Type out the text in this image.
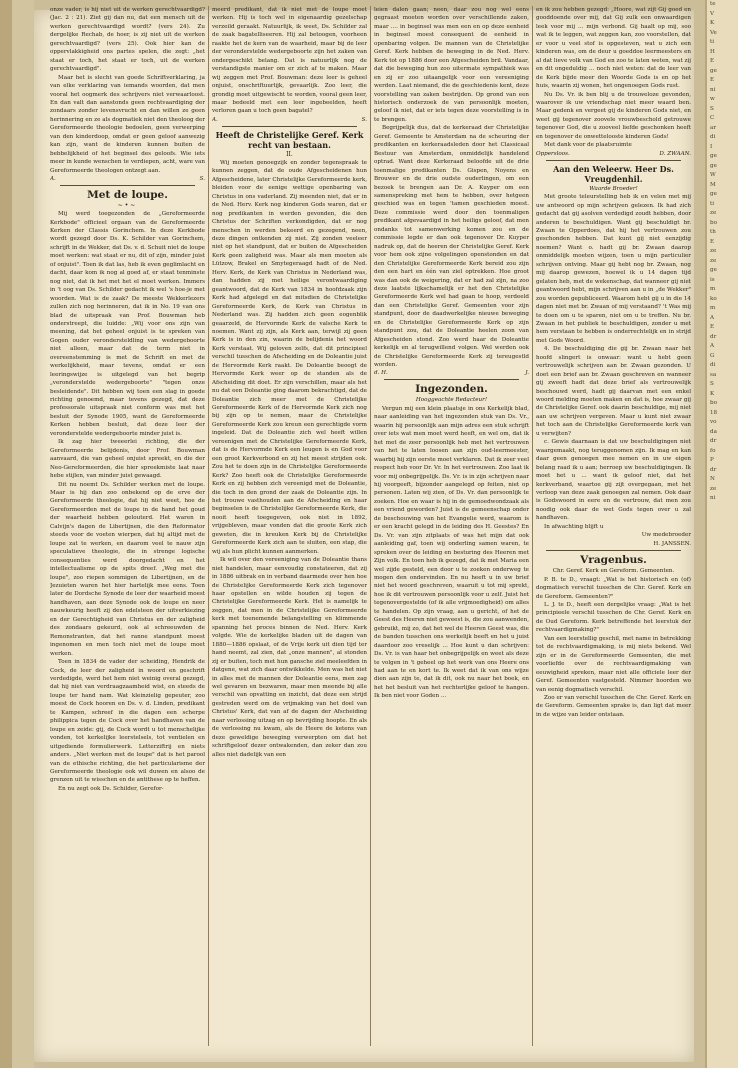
onze vader, is hij niet uit de werken gerechtvaardigd? (Jac. 2 : 21). Ziet gij dan nu, dat een mensch uit de werken gerechtvaardigd wordt? (vers 24). Zu dergelijke Rechab, de hoer, is zij niet uit de werken gerechtvaardigd? (vers 25). Ook hier kan de oppervlakkigheid ons partes spelen, die zegt: „het staat er toch, het staat er toch, uit de werken gerechtvaardigd".

Maar het is slecht van goede Schriftverklaring, ja van elke verklaring van iemands woorden, dat men vooral het oogmerk des schrijvers niet verwaarloost. En dan valt dan aanstonds geen rechtvaardiging der zondaars zonder levensvrucht en dan willen ze geen herinnering en ze als dogmatiek niet den theoloog der Gereformeerde theologie bedoelen, geen verwerping van den kinderdoop, omdat er geen geloof aanwezig kan zijn, want de kinderen kunnen buiten de bebbelijkheid of het beginsel des geloofs. Wie iets meer in kunde wenschen te verdiepen, acht, ware van Gereformeerde theologen ontzegt aan.

A.	S.
Met de loupe.
~•~

Mij werd toegezonden de „Gereformeerde Kerkbode" officieel orgaan van de Gereformeerde Kerken der Classis Gorinchem. In deze Kerkbode wordt gezegd door Ds. K. Schilder van Gorinchem, schrijft in de Wekker, dat Ds. v. d. Schuit niet de loupe moet werken: wat staat er nu, dit of zijn, minder juist of onjuist". Toen ik dat las, heb ik even geglimlacht en dacht, daar kom ik nog al goed af, er staat tenminste nog niet, dat ik het met het el moet werken. Immers in 't oog van Ds. Schilder gedacht ik wel 's hoe-je met woorden. Wat is de zaak? De meeste Wekkerlezers zullen zich nog herinneren, dat ik in No. 19 van ons blad de uitspraak van Prof. Bouwman heb onderstreept, die luidde: „Wij voor ons zijn van meening, dat het geheel onjuist is te spreken van Gogen ouder verondersteldling van wedergeboorte niet alleen, maar dat de term niet in overeenstemming is met de Schrift en met de werkelijkheid, maar tevens, omdat er een leeringswijze is uitgelegd van het begrip „veronderstelde wedergeboorte" "tegen onze besleidende". Dit hebben wij toen een slag in goede richting genoemd, maar tevens gezegd, dat deze professorale uitspraak niet conform was met het besluit der Synode 1905, want de Gereformeerde Kerken hebben besluit, dat deze leer der veronderstelde wedergeboorte minder juist is.

Ik zag hier tweeerlei richting, die der Gereformeerde belijdenis, door Prof. Bouwman aanvaard, die van geheel onjuist spreekt, en die der Neo-Gereformeerden, die hier spreekmiste laat naar hebe stijlen, van minder juist gewaagd.

Dit nu noemt Ds. Schilder werken met de loupe. Maar is hij dan zoo onbekend op de erve der Gereformeerde theologie, dat hij niet weet, hoe de Gereformeerden met de loupe in de hand het goud der waarheid hebben gelouterd. Het waren in Calvijn's dagen de Libertijnen, die den Reformator steeds voor de voeten wierpen, dat hij altijd met de loupe zat te werken, en daarom veel te nauw zijn speculatieve theologie, die in strenge logische consequenties werd doorgedacht en het intellectualisme op de spits dreef. „Weg met die loupe", zoo riepen sommigen de Libertijnen, en de Jezuieten waren het hier hartelijk mee eens. Toen later de Dordsche Synode de leer der waarheid moest handhaven, aan deze Synode ook de loupe en neer nauwkeurig heeft zij den edelsteen der uitverkiezing en der Gerechtigheid van Christus en der zaligheid des zondaars gekeurd, ook al schreeuwden de Remonstranten, dat het ranne standpunt moest ingenomen en men toch niet met de loupe moet werken.

Toen in 1834 de vader der scheiding, Hendrik de Cock, de leer der zaligheid in woord en geschrift verdedigde, werd het hem niet weinig overal gezegd, dat hij niet van verdraagzaamheid wist, en steeds de loupe ter hand nam. Wat kleinzielig gepeuter, zoo moest de Cock hooren en Ds. v. d. Linden, predikant te Kampen, schreef in die dagen een scherpe philippica tegen de Cock over het handhaven van de loupe en zeide: gij, de Cock wordt u tot menschelijke vonden, tot kerkelijke leerstelsels, tot ventielen en uitgediende formulierwerk. Letterziftrij en niets anders. „Niet werken met de loupe" dat is het parool van de ethische richting, die het particularisme der Gereformeerde theologie ook wil duwen en alsoo de grenzen uit te wisschen en de antithese op te heffen.

En nu zegt ook Ds. Schilder, Gerefor-

meerd predikant, dat ik niet met de loupe moet werken. Hij is toch wel in eigenaardig gezelschap verzeild geraakt. Natuurlijk, ik weet, Ds. Schilder zal de zaak bagatelliseeren. Hij zal betoogen, voorheen raakte het de kern van de waarheid, maar bij de leer der veronderstelde wedergeboorte zijn het zaken van ondergeschikt belang. Dat is natuurlijk nog de verstandigste manier om er zich af te maken. Maar wij zeggen met Prof. Bouwman: deze leer is geheel onjuist, onschriftuurlijk, gevaarlijk. Zoo leer, die grondig moet uitgewischt te worden, vooral geen leer, maar bedeeld met een leer ingebeelden, heeft verloren gaan u toch geen bagatel?

A.	S.
Heeft de Christelijke Geref. Kerk recht van bestaan.
II.

Wij moeten genoegzijk en zonder tegenspraak te kunnen zeggen, dat de oude Afgescheidenen hun Afgescheidene, later Christelijke Gereformeerde kerk, bleiden voor de eenige wettige openbaring van Christus in ons vaderland. Zij meenden niet, dat er in de Ned. Herv. Kerk nog kinderen Gods waren, dat er nog predikanten in werden gevonden, die den Christus der Schriften verkondigden, dat er nog menschen in werden bekeerd en gezegend, neen, deze dingen ontkenden zij niet. Zij zonden veeleer niet op het standpunt, dat er buiten de Afgescheiden Kerk geen zaligheid was. Maar als men moeten als Lützow, Brakel en Smytegeraagd hadt of de Ned. Herv. Kerk, de Kerk van Christus in Nederland was, dan hadden zij met heilige verontwaardiging geantwoord, dat de Kerk van 1834 in hoofdzaak zijn Kerk had afgelegd en dat mitsdien de Christelijke Gereformeerde Kerk, de Kerk van Christus in Nederland was. Zij hadden zich geen eogenblik geaarzeld, de Hervormde Kerk de valsche Kerk te noemen. Want zij zijn, als Kerk aan, terwijl zij geen Kerk is in den zin, waarin de belijdenis het woord Kerk verstaat. Wij geloven zelfs, dat dit principieel verschil tusschen de Afscheiding en de Doleantie juist de Hervormde Kerk raakt. De Doleantie beoogt de Hervormde Kerk weer op de standen als de Afscheiding dit doet. Er zijn verschillen, maar als het nu dat een Doleantie ging daarom bekrachtigd, dat de Doleantie zich meer met de Christelijke Gereformeerde Kerk of de Hervormde Kerk zich nog bij zijn op te nemen, maar de Christelijke Gereformeerde Kerk zou kreun een gerechtigde vorm ingeleid. Dat de Doleantie zich wel heeft willen vereenigen met de Christelijke Gereformeerde Kerk, dat is de Hervormde Kerk een leugen is en God voor een groot Kerkverbond en zij het meest strijden ook. Zou het te doen zijn in de Christelijke Gereformeerde Kerk? Zoo heeft ook de Christelijke Gereformeerde Kerk en zij hebben zich vereenigd met de Doleantie, die toch in den grond der zaak de Doleantie zijn. In het trouwe vasthouden aan de Afscheiding en haar beginselen is de Christelijke Gereformeerde Kerk, die nooit heeft toegegeven, ook niet in 1892, vrijgebleven, maar vonden dat die groote Kerk zich geweten, die in kreuken Kerk bij de Christelijke Gereformeerde Kerk zich aan te sluiten, een stap, die wij als hun plicht kunnen aanmerken.

Ik wil over den vereeniging van de Doleantie thans niet handelen, maar eenvoudig constateeren, dat zij in 1886 uitbrak en in verband daarmede over hen hoe de Christelijke Gereformeerde Kerk zich tegenover haar opstellen en wilde houden zij tegen de Christelijke Gereformeerde Kerk. Het is namelijk te zeggen, dat men in de Christelijke Gereformeerde kerk met toenemende belangstelling en klimmende spanning het proces binnen de Ned. Herv. Kerk volgde. Wie de kerkelijke bladen uit de dagen van 1880—1886 opslaat, of de Vrije kerk uit dien tijd ter hand neemt, zal zien, dat „onze mannen", al stonden zij er buiten, toch met hun gansche ziel meeleefden in datgene, wat zich daar ontwikkelde. Men was het niet in alles met de mannen der Doleantie eens, men zag wel gevaren en bezwaren, maar men meende bij alle verschil van opvatting en inzicht, dat deze een strijd gestreden werd om de vrijmaking van het doel van Christus' Kerk, dat van af de dagen der Afscheiding naar verlossing uitzag en op bevrijding hoopte. En als de verlossing nu kwam, als de Heere de ketens van deze geweldige beweging verwerpten om dat het schriftgeloof dezer ontwakenden, dan zeker dan zou alles niet dadelijk van een

leien dalen gaan; neen, daar zou nog wel eens gegraast moeten worden over verschillende zaken, maar .... in beginsel was men een en op deze eenheid in beginsel moest consequent de eenheid in openbaring volgen. De mannen van de Christelijke Geref. Kerk hebben de beweging in de Ned. Herv. Kerk tot op 1886 door een Afgescheiden bril. Vandaar, dat die beweging hun zoo uitermate sympathiek was en zij er zoo uitaangelijk voor een vereeniging werden. Laat niemand, die de geschiedenis kent, deze voorstelling van zaken bestrijden. Op grond van een historisch onderzoek de van persoonlijk moeten, geloof ik niet, dat er iets tegen deze voorstelling is in te brengen.

Begrijpelijk dus, dat de kerkeraad der Christelijke Geref. Gemeente te Amsterdam na de scheuring der predikanten en kerkeraadsleden door het Classicaal Bestuur van Amsterdam, onmiddelijk handelend optrad. Want deze Kerkeraad beloofde uit de drie toenmalige predikanten Ds. Gispen, Noyens en Brouwer en de drie oudste ouderlingen, om een bezoek te brengen aan Dr. A. Kuyper om een samenspreking met hem te hebben, over hetgeen geschied was en tegen 'tamen geschieden moest. Deze commissie werd door den toenmaligen predikant afgevaardigd in het heiligs geloof, dat men ondanks tot samenwerking komen zou en de commissie legde er dan ook tegenover Dr. Kuyper nadruk op, dat de heeren der Christelijke Geref. Kerk voor hem ook zijne volgelingen openstonden en dat den Christelijke Gereformeerde Kerk bereid zou zijn den een hart en één van ziel optrekken. Hoe groot was dan ook de weigering, dat er had zal zijn, na zoo deze laatste lijkschamelijk er het den Christelijke Gereformeerde Kerk wel had gaan te hoop, verdeeld dan een Christelijke Geref. Gemeenten voor zijn standpunt, door de daadwerkelijke nieuwe beweging en de Christelijke Gereformeerde Kerk op zijn standpunt zou, dat de Doleantie heelen zoon van Afgescheiden stond. Zoo werd haar de Doleantie kerkelijk en al terugwillend volgen. Wel werden ook de Christelijke Gereformeerde Kerk zij tereugestld worden.

d. H.	J.
Ingezonden.

Hooggeachte Redacteur!

Vergun mij een klein plaatsje in ons Kerkelijk blad, naar aanleiding van het ingezonden stuk van Ds. Vr., waarin hij persoonlijk aan mijn adres een stuk schrijft over iets wat men moet werd heeft, en wel om, dat ik het met de zeer persoonlijk heb met het vertrouwen van het te laten loosen aan zijn oud-leermeester, waarbij hij zijn eerste moet verklaren. Dat ik zeer veel respect heb voor Dr. Vr. In het vertrouwen. Zoo laat ik voor mij onbegrijpelijk. Ds. Vr. is in zijn schrijven naar hij voorgeeft, bijzonder aangelegd op feiten, niet op personen. Laten wij zien, of Ds. Vr. dan persoonlijk te zoeken. Hoe en waar is hij in de gemoedwondzaak als een vriend geworden? Juist is de gemeenschap onder de beschouwing van het Evangelie werd, waarom is er een kracht gelegd in de leiding des H. Geestes? En Ds. Vr. van zijn zitplaats of was het mijn dat ook aanleiding gaf, toen wij onderling samen waren, te spreken over de leiding en besturing des Heeren met Zijn volk. En toen heb ik gezegd, dat ik met Maria een wel zijde gesteld, een door u te zoeken onderweg te mogen den ondervinden. En nu heeft u in uw brief niet het woord geschreven, waaruit u tot mij sprekt, hoe ik dit vertrouwen persoonlijk voor u zelf. Juist het tegenovergestelde (of ik alle vrijmoedigheid) om alles te handelen. Op zijn vraag, aan u gericht, of het de Geest des Heeren niet geweest is, die zou aanwenden, gebruikt, mij zo, dat het wel de Heeren Geest was, die de banden tusschen ons werkelijk beeft en het u juist daardoor zoo vreselijk ... Hoe kunt u dan schrijven: Ds. Vr. is van haar het onbegrijpelijk en weet als deze te volgen in 't geheel op het werk van ons Heere ons had aan te en kort te. Ik weet dat ik van ons wijze dien aan zijn te, dat ik dit, ook nu naar het boek, en het het besluit van het rechterlijke geloof te hangen. Ik ben niet voor Goden ...

en ik zou hebben gezegd: „Hoore, wat zijt Gij goed en gooddoende over mij, dat Gij zulk een onwaardigen leek voor mij ... mijn verbond. Gij haalt op mij, soo wat ik te leggen, wat zeggen kan, zoo voorstellen, dat er voor u veel stof is opgesteven, wat u zich een kinderen was, om de deur u goeddoe leermeesters en al dat lieve volk van God en zoo te laten weten, wat zij en dit ongeduldig ... noch niet weten: dat de leer van de Kerk bijde meer den Woorde Gods is en op het huis, waarin zij wonen, het ongenoegen Gods rust.

Nu Ds. Vr. ik ben blij u de trouweloze gevonden, waarover ik uw vriendschap niet meer waard ben. Maar gedenk en vergeet gij de kinderen Gods niet, en weet gij tegenover zoovele vrouwbeschold getrouwe tegenover God, die u zooveel liefde geschonken heeft en tegenover de onwettelooste kinderen Gods!

Met dank voor de plaatsruimte

Oppersloos.	D. ZWAAN.
Aan den Weleerw. Heer Ds. Vreugdenhil.

Waarde Broeder!

Met groote teleurstelling heb ik en velen met mij uw antwoord op mijn schrijven gelezen. Ik had zich gedacht dat gij asolven verdedigd zoudt hebben, door anderen te beschuldigen. Want gij beschuldigt br. Zwaan te Opperdoes, dat hij het vertrouwen zou geschonden hebben. Dat kunt gij niet eenzijdig noemen? Want o. hadt gij br. Zwaan daarop onmiddelijk moeten wijzen, toen u mijn particulier schrijven ontving. Maar gij hebt nog br. Zwaan, nog mij daarop gewezen, hoewel ik u 14 dagen tijd gelaten heb, met de wekenschap, dat wanneer gij niet geantwoord hebt, mijn schrijven aan u in „de Wekker" zou worden gepubliceerd. Waarom hebt gij u in die 14 dagen niet met br. Zwaan of mij verstaand? 't Was mij te doen om u te sparen, niet om u te treffen. Nu br. Zwaan in het publiek te beschuldigen, zonder u met hem verstaan te hebben is onderrechtelijk en in strijd met Gods Woord.

4. De beschuldiging die gij br. Zwaan naar het hoofd slingert is onwaar: want u hebt geen vertrouwelijk schrijven aan br. Zwaan gezonden. U doet een brief aan br. Zwaan geschreven en wanneer gij zweeft hadt dat deze brief als vertrouwelijk beschouwd werd, hadt gij daarvan met een enkel woord melding moeten maken en dat is, hoe zwaar gij de Christelijke Geref. ook daarin beschuldige, mij niet aan uw schrijven vergeven. Maar u kunt niet zwaar het toch aan de Christelijke Gereformeerde kerk van u verwijten?

c. Gewis daarnaan is dat uw beschuldigingen niet waargemaakt, nog teruggenomen zijn. Ik mag en kan daar geen genoegen mee nemen en in uw eigen belang raad ik u aan; herroep uw beschuldigingen. Ik moet het u ... want ik geloof niet, dat het kerkverband, waartoe gij zijt overgegaan, met het verloop van deze zaak genoegen zal nemen. Ook daar is Godswoord in eere en de vertrouw, dat men zou noodig ook daar de wet Gods tegen over u zal handhaven.

In afwachting blijft u

Uw medebroeder

H. JANSSEN.

Vragenbus.

Chr. Geref. Kerk en Gereform. Gemeenten.

P. B. te D., vraagt: „Wat is het historisch en (of) dogmatisch verschil tusschen de Chr. Geref. Kerk en de Gereform. Gemeenten?"

L. J. te D., heeft een dergelijke vraag: „Wat is het principieele verschil tusschen de Chr. Geref. Kerk en de Oud Gereform. Kerk betreffende het leerstuk der rechtvaardigmaking?"

Van een leerstellig geschil, met name in betrekking tot de rechtvaardigmaking, is mij niets bekend. Wel zijn er in de Gereformeerde Gemeenten, die met voorliefde over de rechtvaardigmaking van eeuwigheid spreken, maar niet alle officiele leer der Geref. Gemeenten vastgesteld. Nimmer hoorden wo van eenig dogmatisch verschil.

Zoo er van verschil tusschen de Chr. Geref. Kerk en de Gereform. Gemeenten sprake is, dan ligt dat meer in de wijze van leider ontstaan.

te
V
K
Ve
ti
H
E
ge
E
ni
w
S
C
ar
di
I
ge
ge
W
M
ge
ti
ze
bo
th
E
ze
ze
ge
is
m
ko
m
A
E
dr
A
G
di
sa
S
K
bo
18
vo
da
dr
fo
P
dr
N
ze
ni
